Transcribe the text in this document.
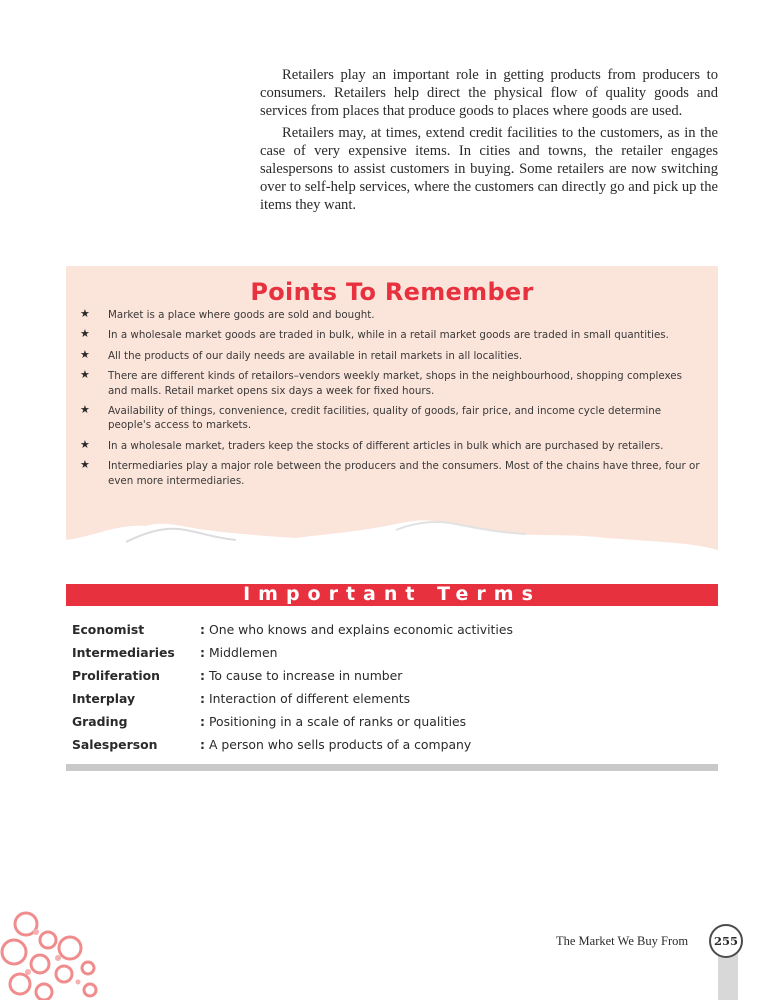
Retailers play an important role in getting products from producers to consumers. Retailers help direct the physical flow of quality goods and services from places that produce goods to places where goods are used.

Retailers may, at times, extend credit facilities to the customers, as in the case of very expensive items. In cities and towns, the retailer engages salespersons to assist customers in buying. Some retailers are now switching over to self-help services, where the customers can directly go and pick up the items they want.

Points To Remember
★ Market is a place where goods are sold and bought.
★ In a wholesale market goods are traded in bulk, while in a retail market goods are traded in small quantities.
★ All the products of our daily needs are available in retail markets in all localities.
★ There are different kinds of retailors–vendors weekly market, shops in the neighbourhood, shopping complexes and malls. Retail market opens six days a week for fixed hours.
★ Availability of things, convenience, credit facilities, quality of goods, fair price, and income cycle determine people's access to markets.
★ In a wholesale market, traders keep the stocks of different articles in bulk which are purchased by retailers.
★ Intermediaries play a major role between the producers and the consumers. Most of the chains have three, four or even more intermediaries.
Important Terms
Economist	: One who knows and explains economic activities
Intermediaries	: Middlemen
Proliferation	: To cause to increase in number
Interplay	: Interaction of different elements
Grading	: Positioning in a scale of ranks or qualities
Salesperson	: A person who sells products of a company
The Market We Buy From	255
